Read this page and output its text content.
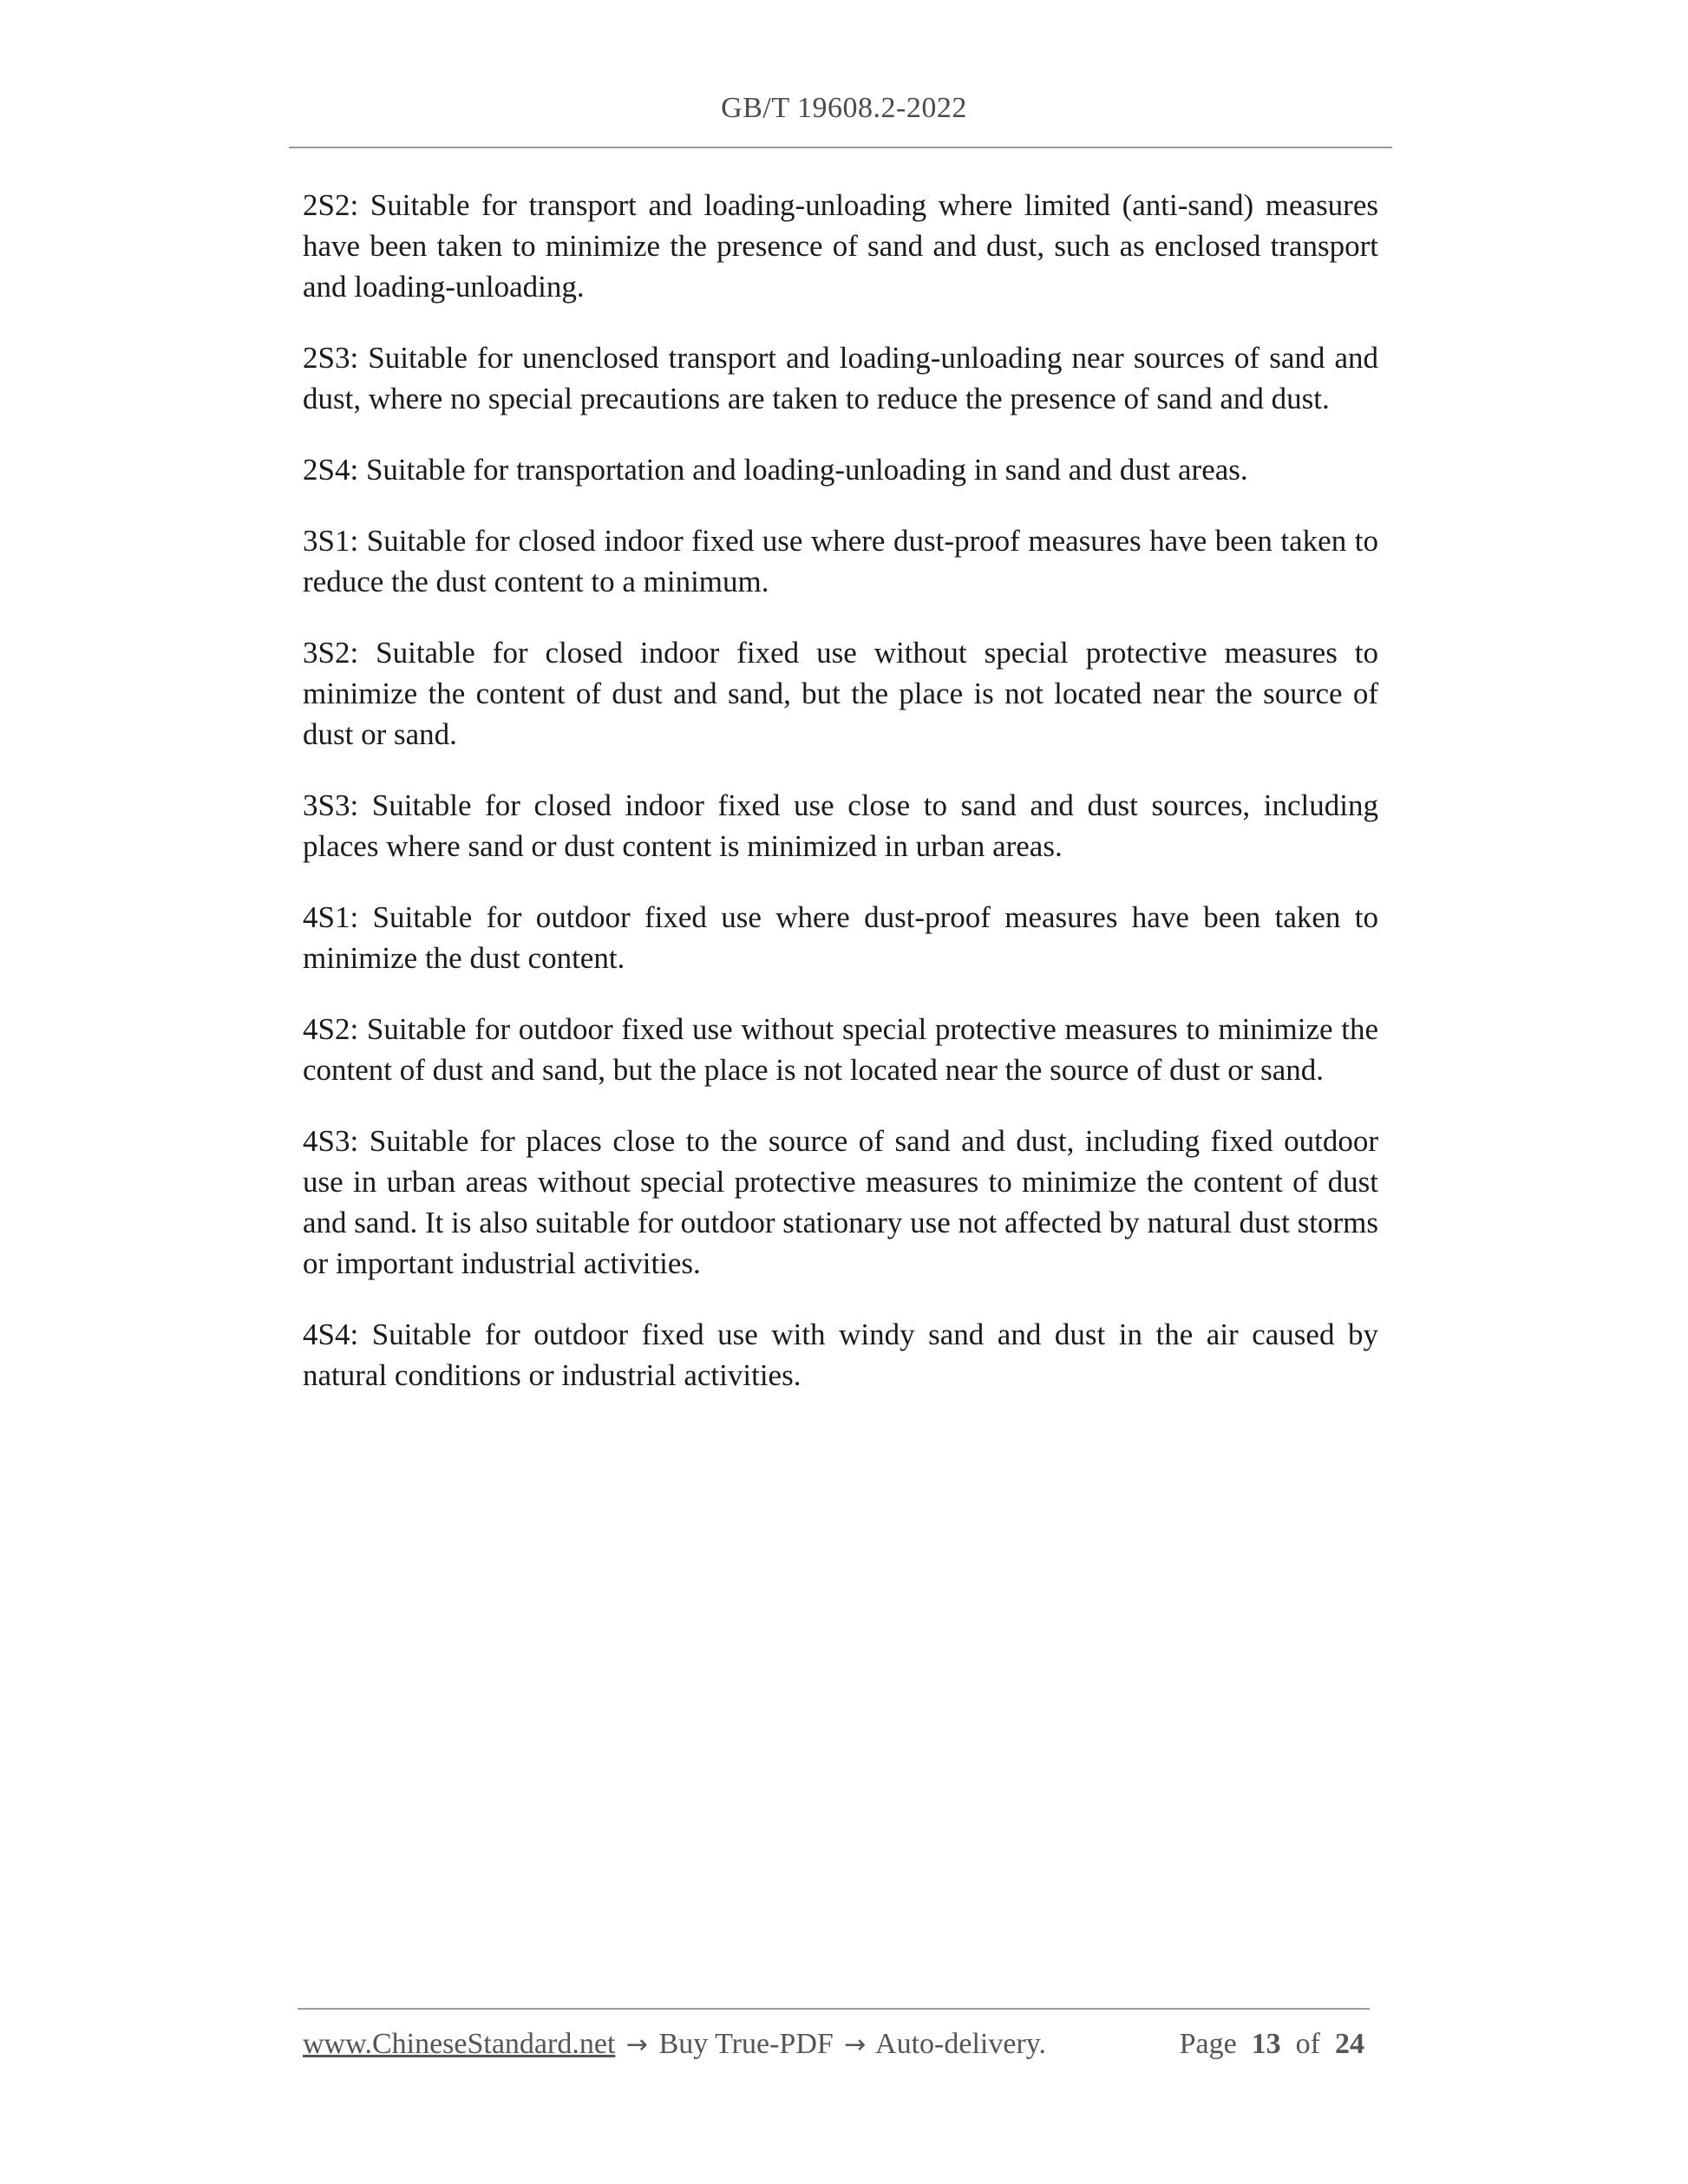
GB/T 19608.2-2022

2S2: Suitable for transport and loading-unloading where limited (anti-sand) measures have been taken to minimize the presence of sand and dust, such as enclosed transport and loading-unloading.

2S3: Suitable for unenclosed transport and loading-unloading near sources of sand and dust, where no special precautions are taken to reduce the presence of sand and dust.

2S4: Suitable for transportation and loading-unloading in sand and dust areas.

3S1: Suitable for closed indoor fixed use where dust-proof measures have been taken to reduce the dust content to a minimum.

3S2: Suitable for closed indoor fixed use without special protective measures to minimize the content of dust and sand, but the place is not located near the source of dust or sand.

3S3: Suitable for closed indoor fixed use close to sand and dust sources, including places where sand or dust content is minimized in urban areas.

4S1: Suitable for outdoor fixed use where dust-proof measures have been taken to minimize the dust content.

4S2: Suitable for outdoor fixed use without special protective measures to minimize the content of dust and sand, but the place is not located near the source of dust or sand.

4S3: Suitable for places close to the source of sand and dust, including fixed outdoor use in urban areas without special protective measures to minimize the content of dust and sand. It is also suitable for outdoor stationary use not affected by natural dust storms or important industrial activities.

4S4: Suitable for outdoor fixed use with windy sand and dust in the air caused by natural conditions or industrial activities.

www.ChineseStandard.net → Buy True-PDF → Auto-delivery.	Page 13 of 24
